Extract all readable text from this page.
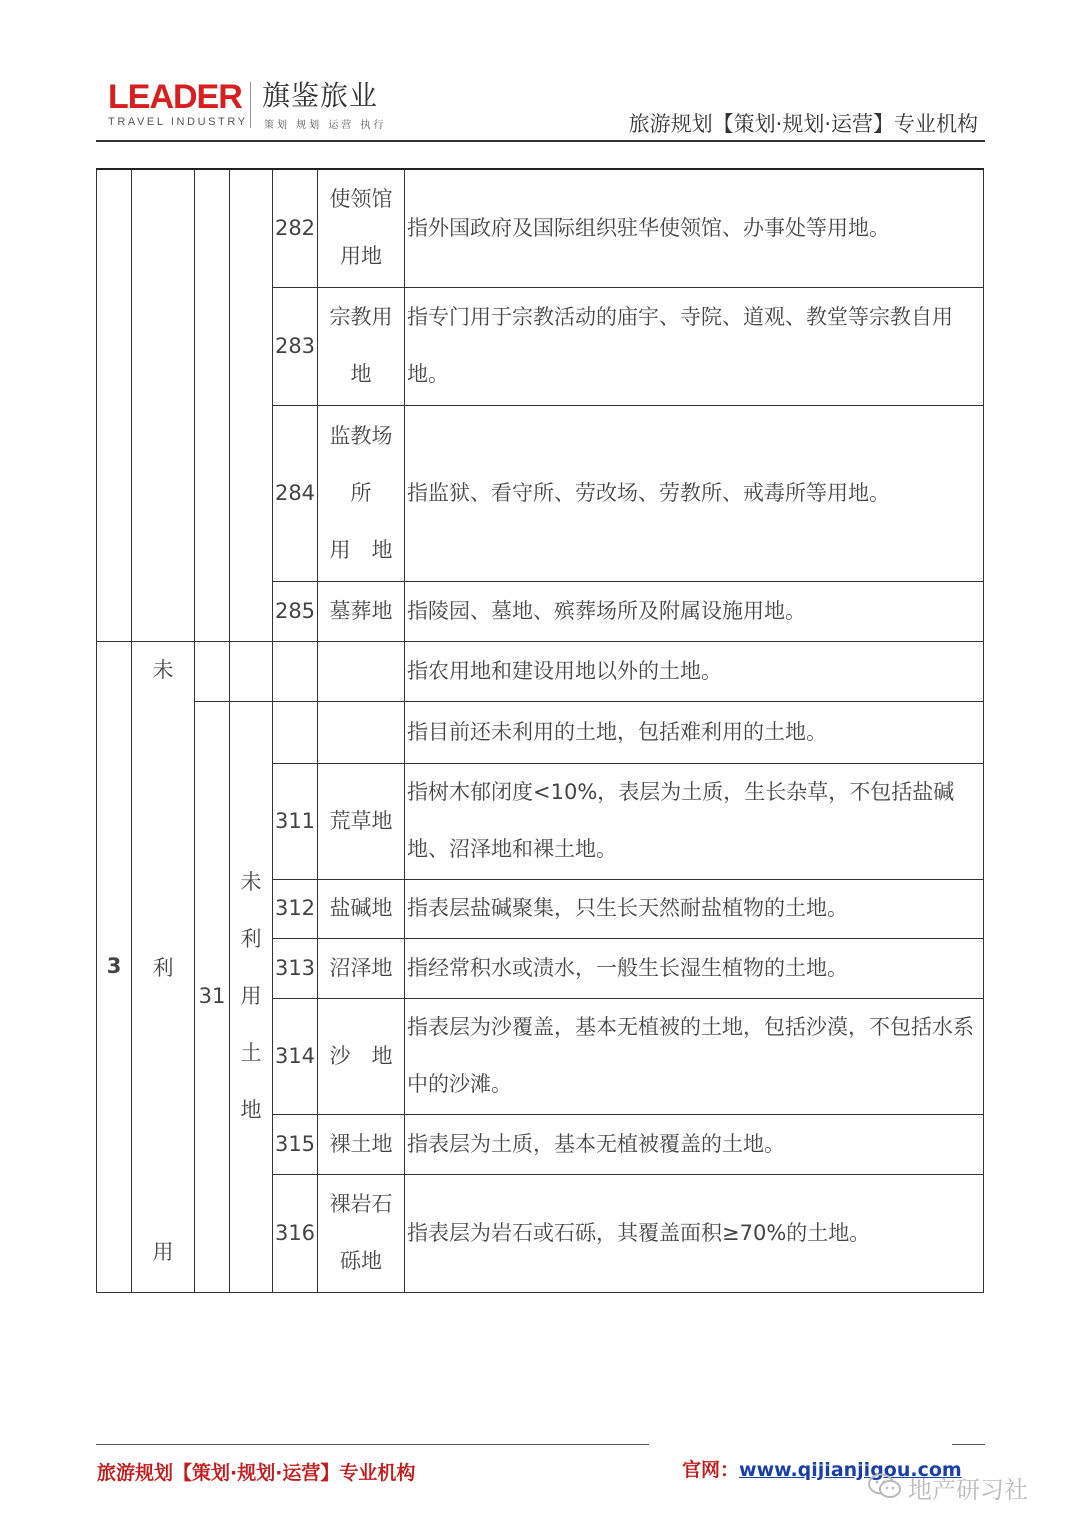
LEADER
TRAVEL INDUSTRY
旗鉴旅业
策划 规划 运营 执行	旅游规划【策划·规划·运营】专业机构
				282	使领馆
用地	指外国政府及国际组织驻华使领馆、办事处等用地。
				283	宗教用
地	指专门用于宗教活动的庙宇、寺院、道观、教堂等宗教自用地。
				284	监教场
所
用　地	指监狱、看守所、劳改场、劳教所、戒毒所等用地。
				285	墓葬地	指陵园、墓地、殡葬场所及附属设施用地。
3	未
利
用					指农用地和建设用地以外的土地。
		31	未
利
用
土
地			指目前还未利用的土地，包括难利用的土地。
				311	荒草地	指树木郁闭度<10%，表层为土质，生长杂草，不包括盐碱地、沼泽地和裸土地。
				312	盐碱地	指表层盐碱聚集，只生长天然耐盐植物的土地。
				313	沼泽地	指经常积水或渍水，一般生长湿生植物的土地。
				314	沙　地	指表层为沙覆盖，基本无植被的土地，包括沙漠，不包括水系中的沙滩。
				315	裸土地	指表层为土质，基本无植被覆盖的土地。
				316	裸岩石
砾地	指表层为岩石或石砾，其覆盖面积≥70%的土地。
旅游规划【策划·规划·运营】专业机构	官网：www.qijianjigou.com
地产研习社
